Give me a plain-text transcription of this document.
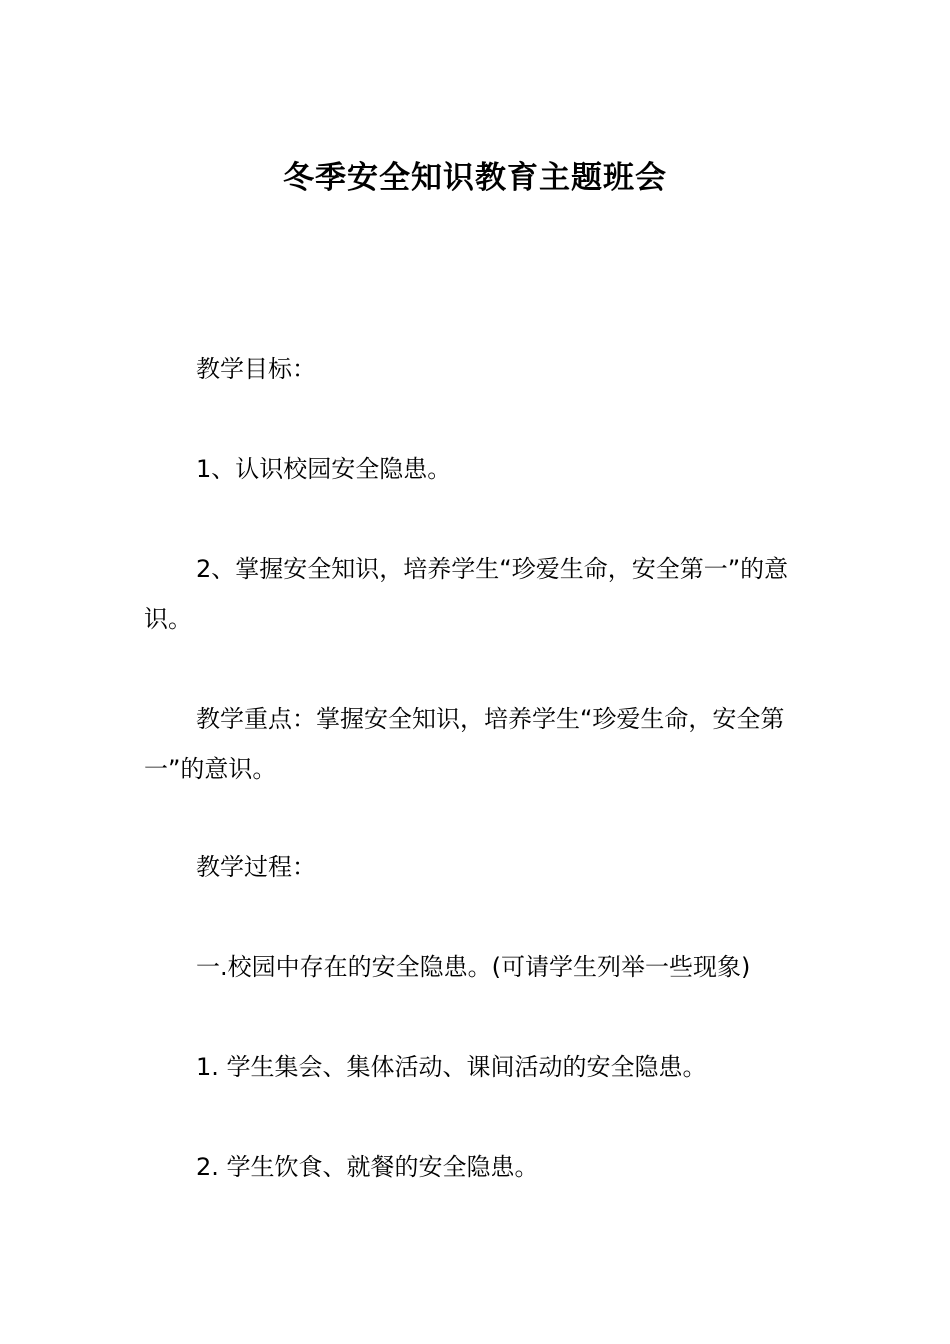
冬季安全知识教育主题班会
教学目标：
1、认识校园安全隐患。
2、掌握安全知识，培养学生“珍爱生命，安全第一”的意识。
教学重点：掌握安全知识，培养学生“珍爱生命，安全第一”的意识。
教学过程：
一.校园中存在的安全隐患。(可请学生列举一些现象)
1. 学生集会、集体活动、课间活动的安全隐患。
2. 学生饮食、就餐的安全隐患。
